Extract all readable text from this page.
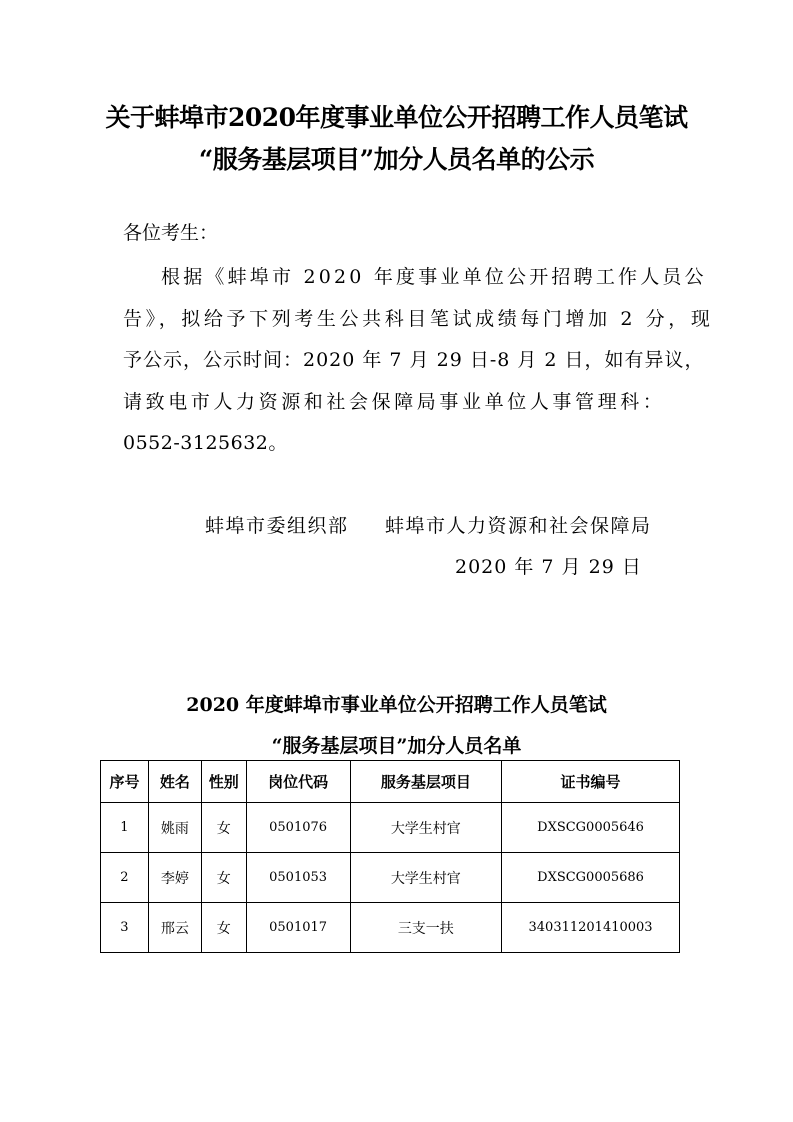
关于蚌埠市2020年度事业单位公开招聘工作人员笔试
“服务基层项目”加分人员名单的公示
各位考生：
根据《蚌埠市 2020 年度事业单位公开招聘工作人员公
告》，拟给予下列考生公共科目笔试成绩每门增加 2 分，现
予公示，公示时间：2020 年 7 月 29 日-8 月 2 日，如有异议，
请致电市人力资源和社会保障局事业单位人事管理科：
0552-3125632。
蚌埠市委组织部 蚌埠市人力资源和社会保障局
2020 年 7 月 29 日
2020 年度蚌埠市事业单位公开招聘工作人员笔试
“服务基层项目”加分人员名单
序号	姓名	性别	岗位代码	服务基层项目	证书编号
1	姚雨	女	0501076	大学生村官	DXSCG0005646
2	李婷	女	0501053	大学生村官	DXSCG0005686
3	邢云	女	0501017	三支一扶	340311201410003
